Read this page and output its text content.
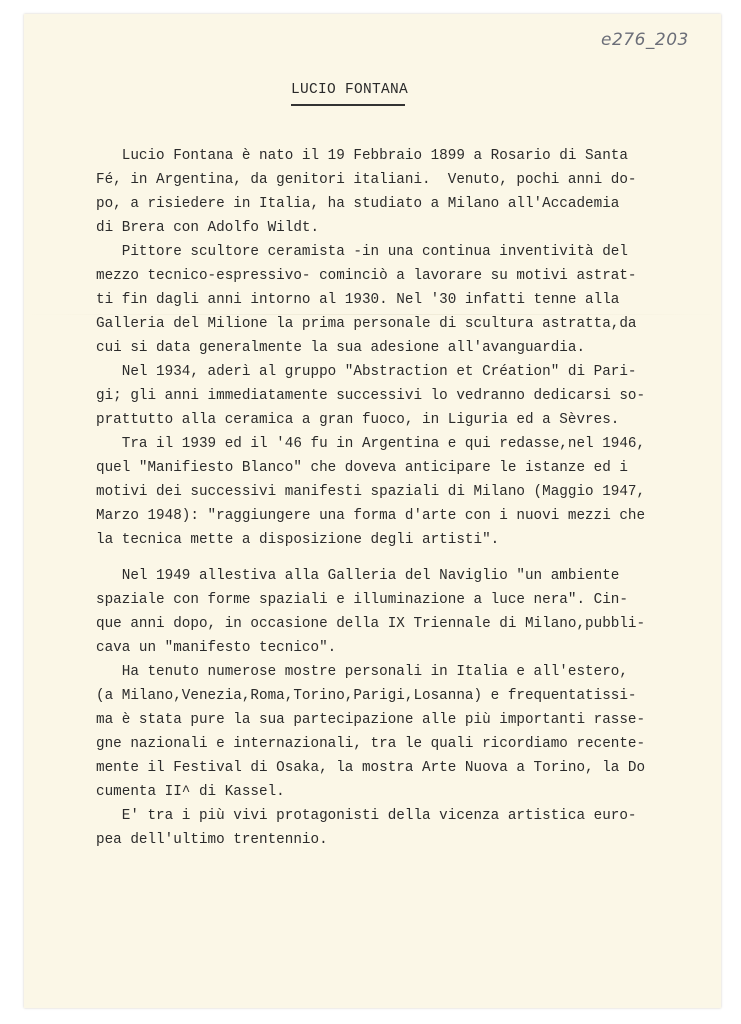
e276_203
LUCIO FONTANA
Lucio Fontana è nato il 19 Febbraio 1899 a Rosario di Santa
Fé, in Argentina, da genitori italiani.  Venuto, pochi anni do-
po, a risiedere in Italia, ha studiato a Milano all'Accademia
di Brera con Adolfo Wildt.
Pittore scultore ceramista -in una continua inventività del
mezzo tecnico-espressivo- cominciò a lavorare su motivi astrat-
ti fin dagli anni intorno al 1930. Nel '30 infatti tenne alla
Galleria del Milione la prima personale di scultura astratta,da
cui si data generalmente la sua adesione all'avanguardia.
Nel 1934, aderì al gruppo "Abstraction et Création" di Pari-
gi; gli anni immediatamente successivi lo vedranno dedicarsi so-
prattutto alla ceramica a gran fuoco, in Liguria ed a Sèvres.
Tra il 1939 ed il '46 fu in Argentina e qui redasse,nel 1946,
quel "Manifiesto Blanco" che doveva anticipare le istanze ed i
motivi dei successivi manifesti spaziali di Milano (Maggio 1947,
Marzo 1948): "raggiungere una forma d'arte con i nuovi mezzi che
la tecnica mette a disposizione degli artisti".
Nel 1949 allestiva alla Galleria del Naviglio "un ambiente
spaziale con forme spaziali e illuminazione a luce nera". Cin-
que anni dopo, in occasione della IX Triennale di Milano,pubbli-
cava un "manifesto tecnico".
Ha tenuto numerose mostre personali in Italia e all'estero,
(a Milano,Venezia,Roma,Torino,Parigi,Losanna) e frequentatissi-
ma è stata pure la sua partecipazione alle più importanti rasse-
gne nazionali e internazionali, tra le quali ricordiamo recente-
mente il Festival di Osaka, la mostra Arte Nuova a Torino, la Do
cumenta II^ di Kassel.
E' tra i più vivi protagonisti della vicenza artistica euro-
pea dell'ultimo trentennio.
